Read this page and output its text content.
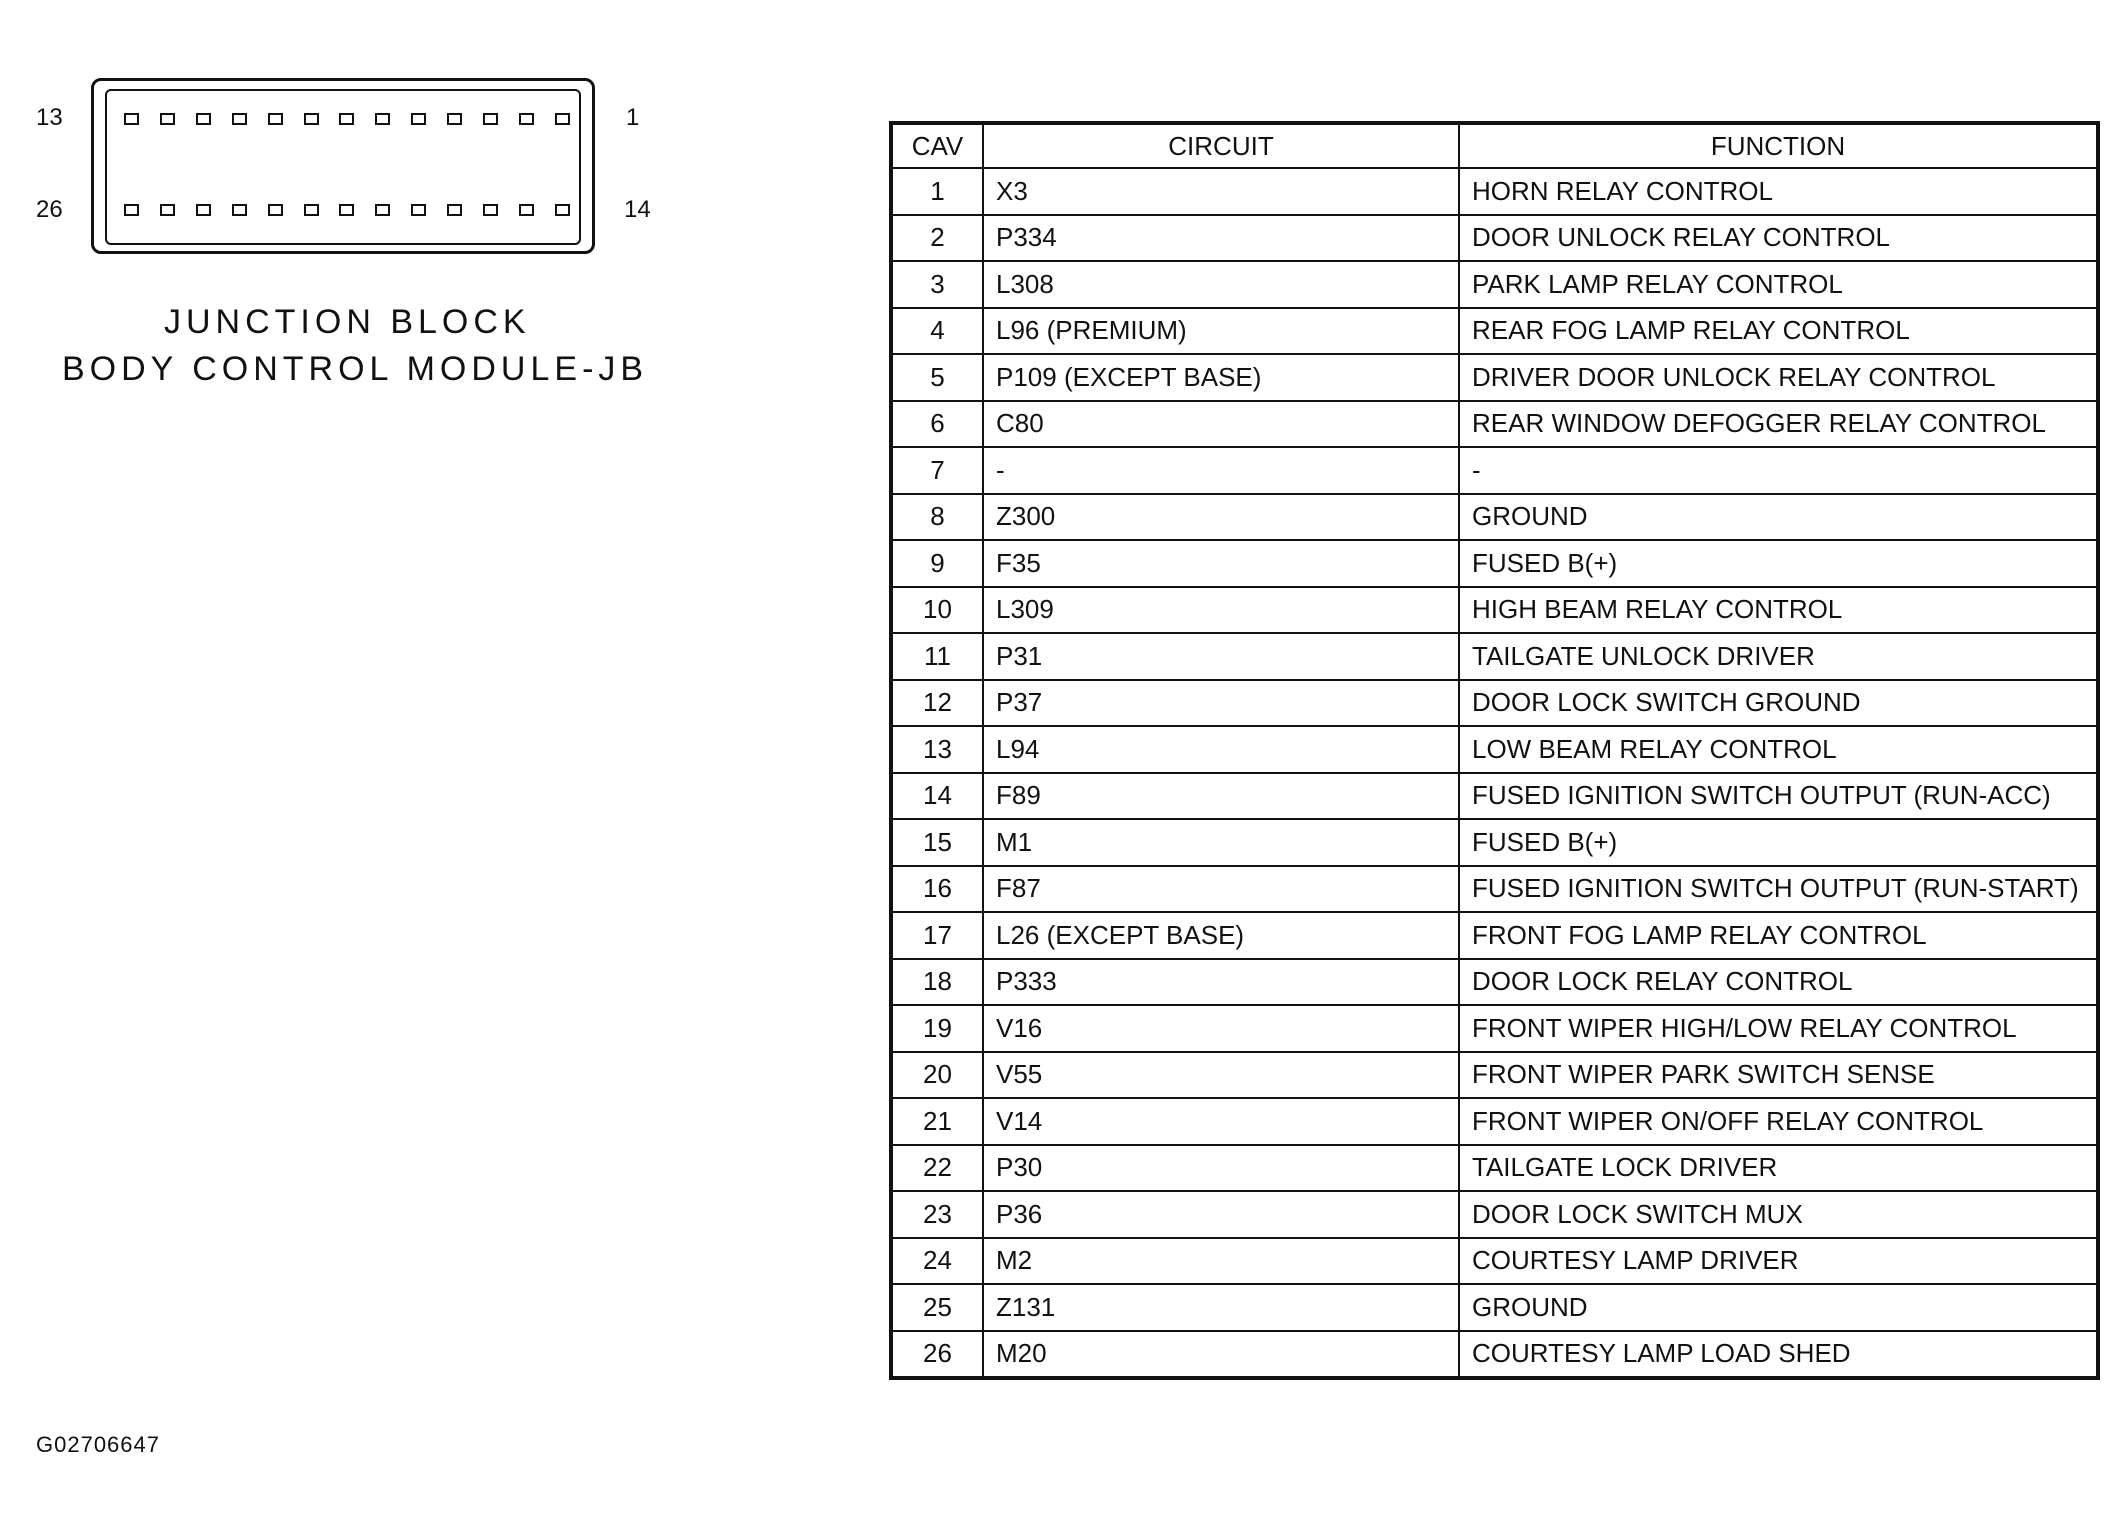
13	1
26	14
JUNCTION BLOCK
BODY CONTROL MODULE-JB
CAV	CIRCUIT	FUNCTION
1	X3	HORN RELAY CONTROL
2	P334	DOOR UNLOCK RELAY CONTROL
3	L308	PARK LAMP RELAY CONTROL
4	L96 (PREMIUM)	REAR FOG LAMP RELAY CONTROL
5	P109 (EXCEPT BASE)	DRIVER DOOR UNLOCK RELAY CONTROL
6	C80	REAR WINDOW DEFOGGER RELAY CONTROL
7	-	-
8	Z300	GROUND
9	F35	FUSED B(+)
10	L309	HIGH BEAM RELAY CONTROL
11	P31	TAILGATE UNLOCK DRIVER
12	P37	DOOR LOCK SWITCH GROUND
13	L94	LOW BEAM RELAY CONTROL
14	F89	FUSED IGNITION SWITCH OUTPUT (RUN-ACC)
15	M1	FUSED B(+)
16	F87	FUSED IGNITION SWITCH OUTPUT (RUN-START)
17	L26 (EXCEPT BASE)	FRONT FOG LAMP RELAY CONTROL
18	P333	DOOR LOCK RELAY CONTROL
19	V16	FRONT WIPER HIGH/LOW RELAY CONTROL
20	V55	FRONT WIPER PARK SWITCH SENSE
21	V14	FRONT WIPER ON/OFF RELAY CONTROL
22	P30	TAILGATE LOCK DRIVER
23	P36	DOOR LOCK SWITCH MUX
24	M2	COURTESY LAMP DRIVER
25	Z131	GROUND
26	M20	COURTESY LAMP LOAD SHED
G02706647
